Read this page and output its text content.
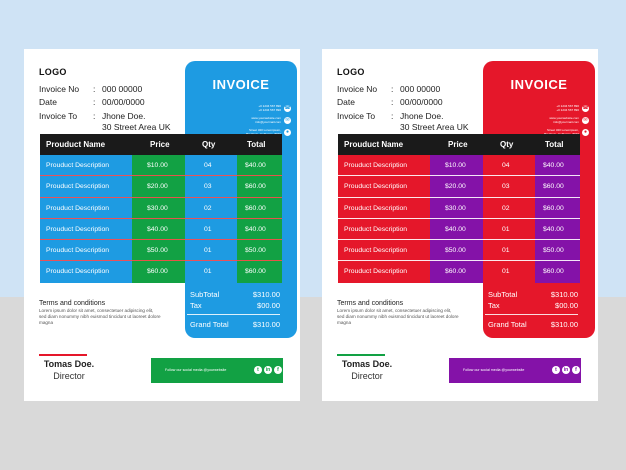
INVOICE
+0 1234 567 890
+0 1234 567 890 ☎
www.yourwebsite.com
info@yourmail.com ✉
Street 320 Loremipsum, ●
LOGO
Invoice No	: 000 00000
Date	: 00/00/0000
Invoice To	: Jhone Doe.
30 Street Area UK
Prouduct Name	Price	Qty	Total
Prouduct Description	$10.00	04	$40.00
Prouduct Description	$20.00	03	$60.00
Prouduct Description	$30.00	02	$60.00
Prouduct Description	$40.00	01	$40.00
Prouduct Description	$50.00	01	$50.00
Prouduct Description	$60.00	01	$60.00
SubTotal	$310.00
Tax	$00.00
Grand Total	$310.00
Terms and conditions
Lorem ipsum dolor sit amet, consectetuer adipiscing elit, sed diam nonummy nibh euismod tincidunt ut laoreet dolore magna
Tomas Doe.
Director
Follow our social media @yourwebsite	t	in	f
INVOICE
+0 1234 567 890
+0 1234 567 890 ☎
www.yourwebsite.com
info@yourmail.com ✉
Street 320 Loremipsum, ●
LOGO
Invoice No	: 000 00000
Date	: 00/00/0000
Invoice To	: Jhone Doe.
30 Street Area UK
Prouduct Name	Price	Qty	Total
Prouduct Description	$10.00	04	$40.00
Prouduct Description	$20.00	03	$60.00
Prouduct Description	$30.00	02	$60.00
Prouduct Description	$40.00	01	$40.00
Prouduct Description	$50.00	01	$50.00
Prouduct Description	$60.00	01	$60.00
SubTotal	$310.00
Tax	$00.00
Grand Total	$310.00
Terms and conditions
Lorem ipsum dolor sit amet, consectetuer adipiscing elit, sed diam nonummy nibh euismod tincidunt ut laoreet dolore magna
Tomas Doe.
Director
Follow our social media @yourwebsite	t	in	f
